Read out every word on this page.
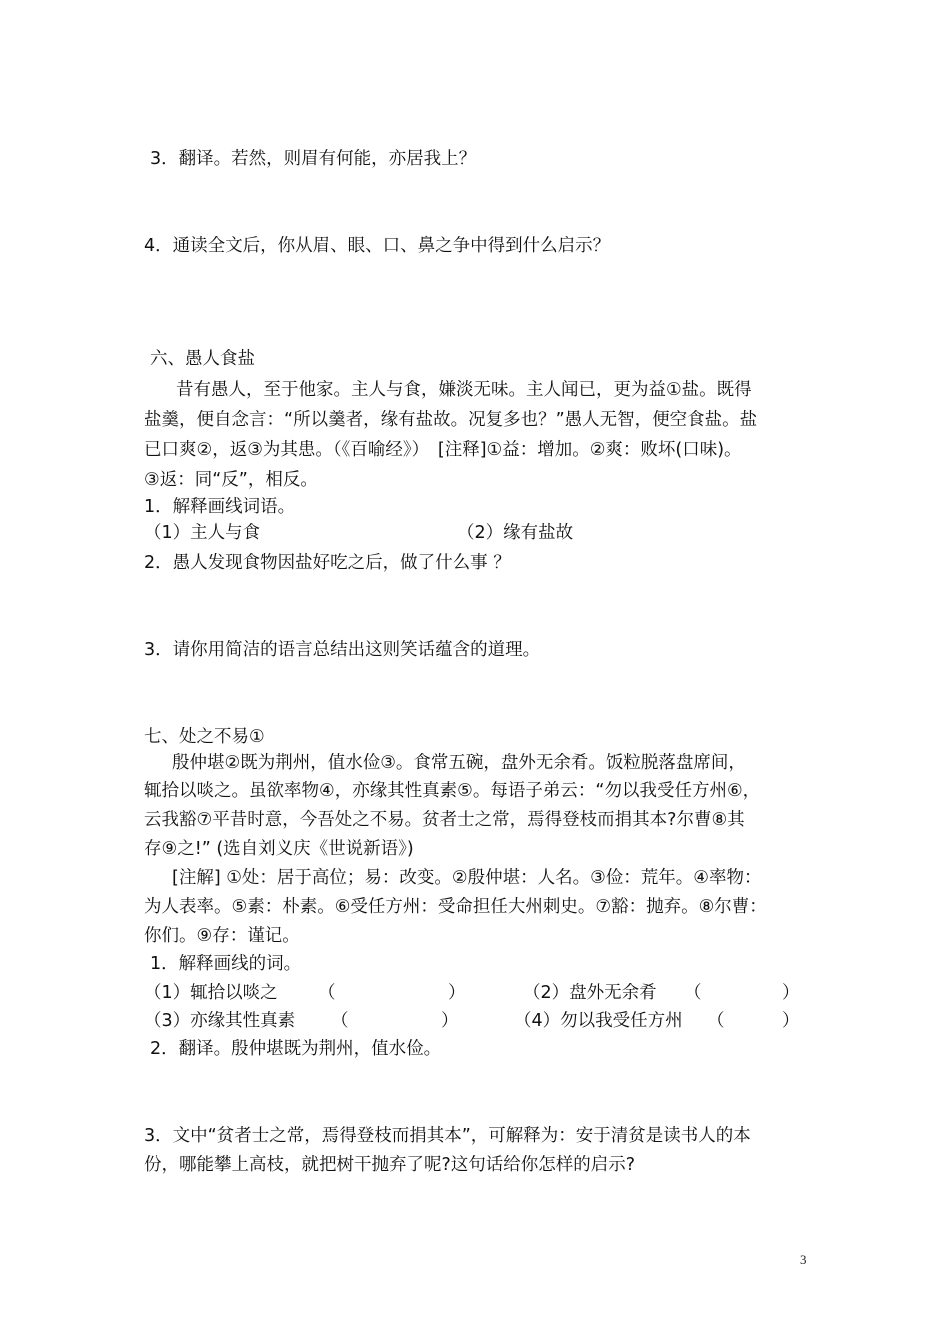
3．翻译。若然，则眉有何能，亦居我上？
4．通读全文后，你从眉、眼、口、鼻之争中得到什么启示？
六、愚人食盐
昔有愚人，至于他家。主人与食，嫌淡无味。主人闻已，更为益①盐。既得
盐羹，便自念言：“所以羹者，缘有盐故。况复多也？”愚人无智，便空食盐。盐
已口爽②，返③为其患。（《百喻经》）　[注释]①益：增加。②爽：败坏(口味)。
③返：同“反”，相反。
1．解释画线词语。
（1）主人与食	（2）缘有盐故
2．愚人发现食物因盐好吃之后，做了什么事 ？
3．请你用简洁的语言总结出这则笑话蕴含的道理。
七、处之不易①
殷仲堪②既为荆州，值水俭③。食常五碗，盘外无余肴。饭粒脱落盘席间，
辄拾以啖之。虽欲率物④，亦缘其性真素⑤。每语子弟云：“勿以我受任方州⑥，
云我豁⑦平昔时意，今吾处之不易。贫者士之常，焉得登枝而捐其本?尔曹⑧其
存⑨之!” (选自刘义庆《世说新语》)
[注解] ①处：居于高位；易：改变。②殷仲堪：人名。③俭：荒年。④率物：
为人表率。⑤素：朴素。⑥受任方州：受命担任大州刺史。⑦豁：抛弃。⑧尔曹：
你们。⑨存：谨记。
1．解释画线的词。
（1）辄拾以啖之 （	）	（2）盘外无余肴 （	）
（3）亦缘其性真素 （	）	（4）勿以我受任方州 （	）
2．翻译。殷仲堪既为荆州，值水俭。
3．文中“贫者士之常，焉得登枝而捐其本”，可解释为：安于清贫是读书人的本
份，哪能攀上高枝，就把树干抛弃了呢?这句话给你怎样的启示?
3
